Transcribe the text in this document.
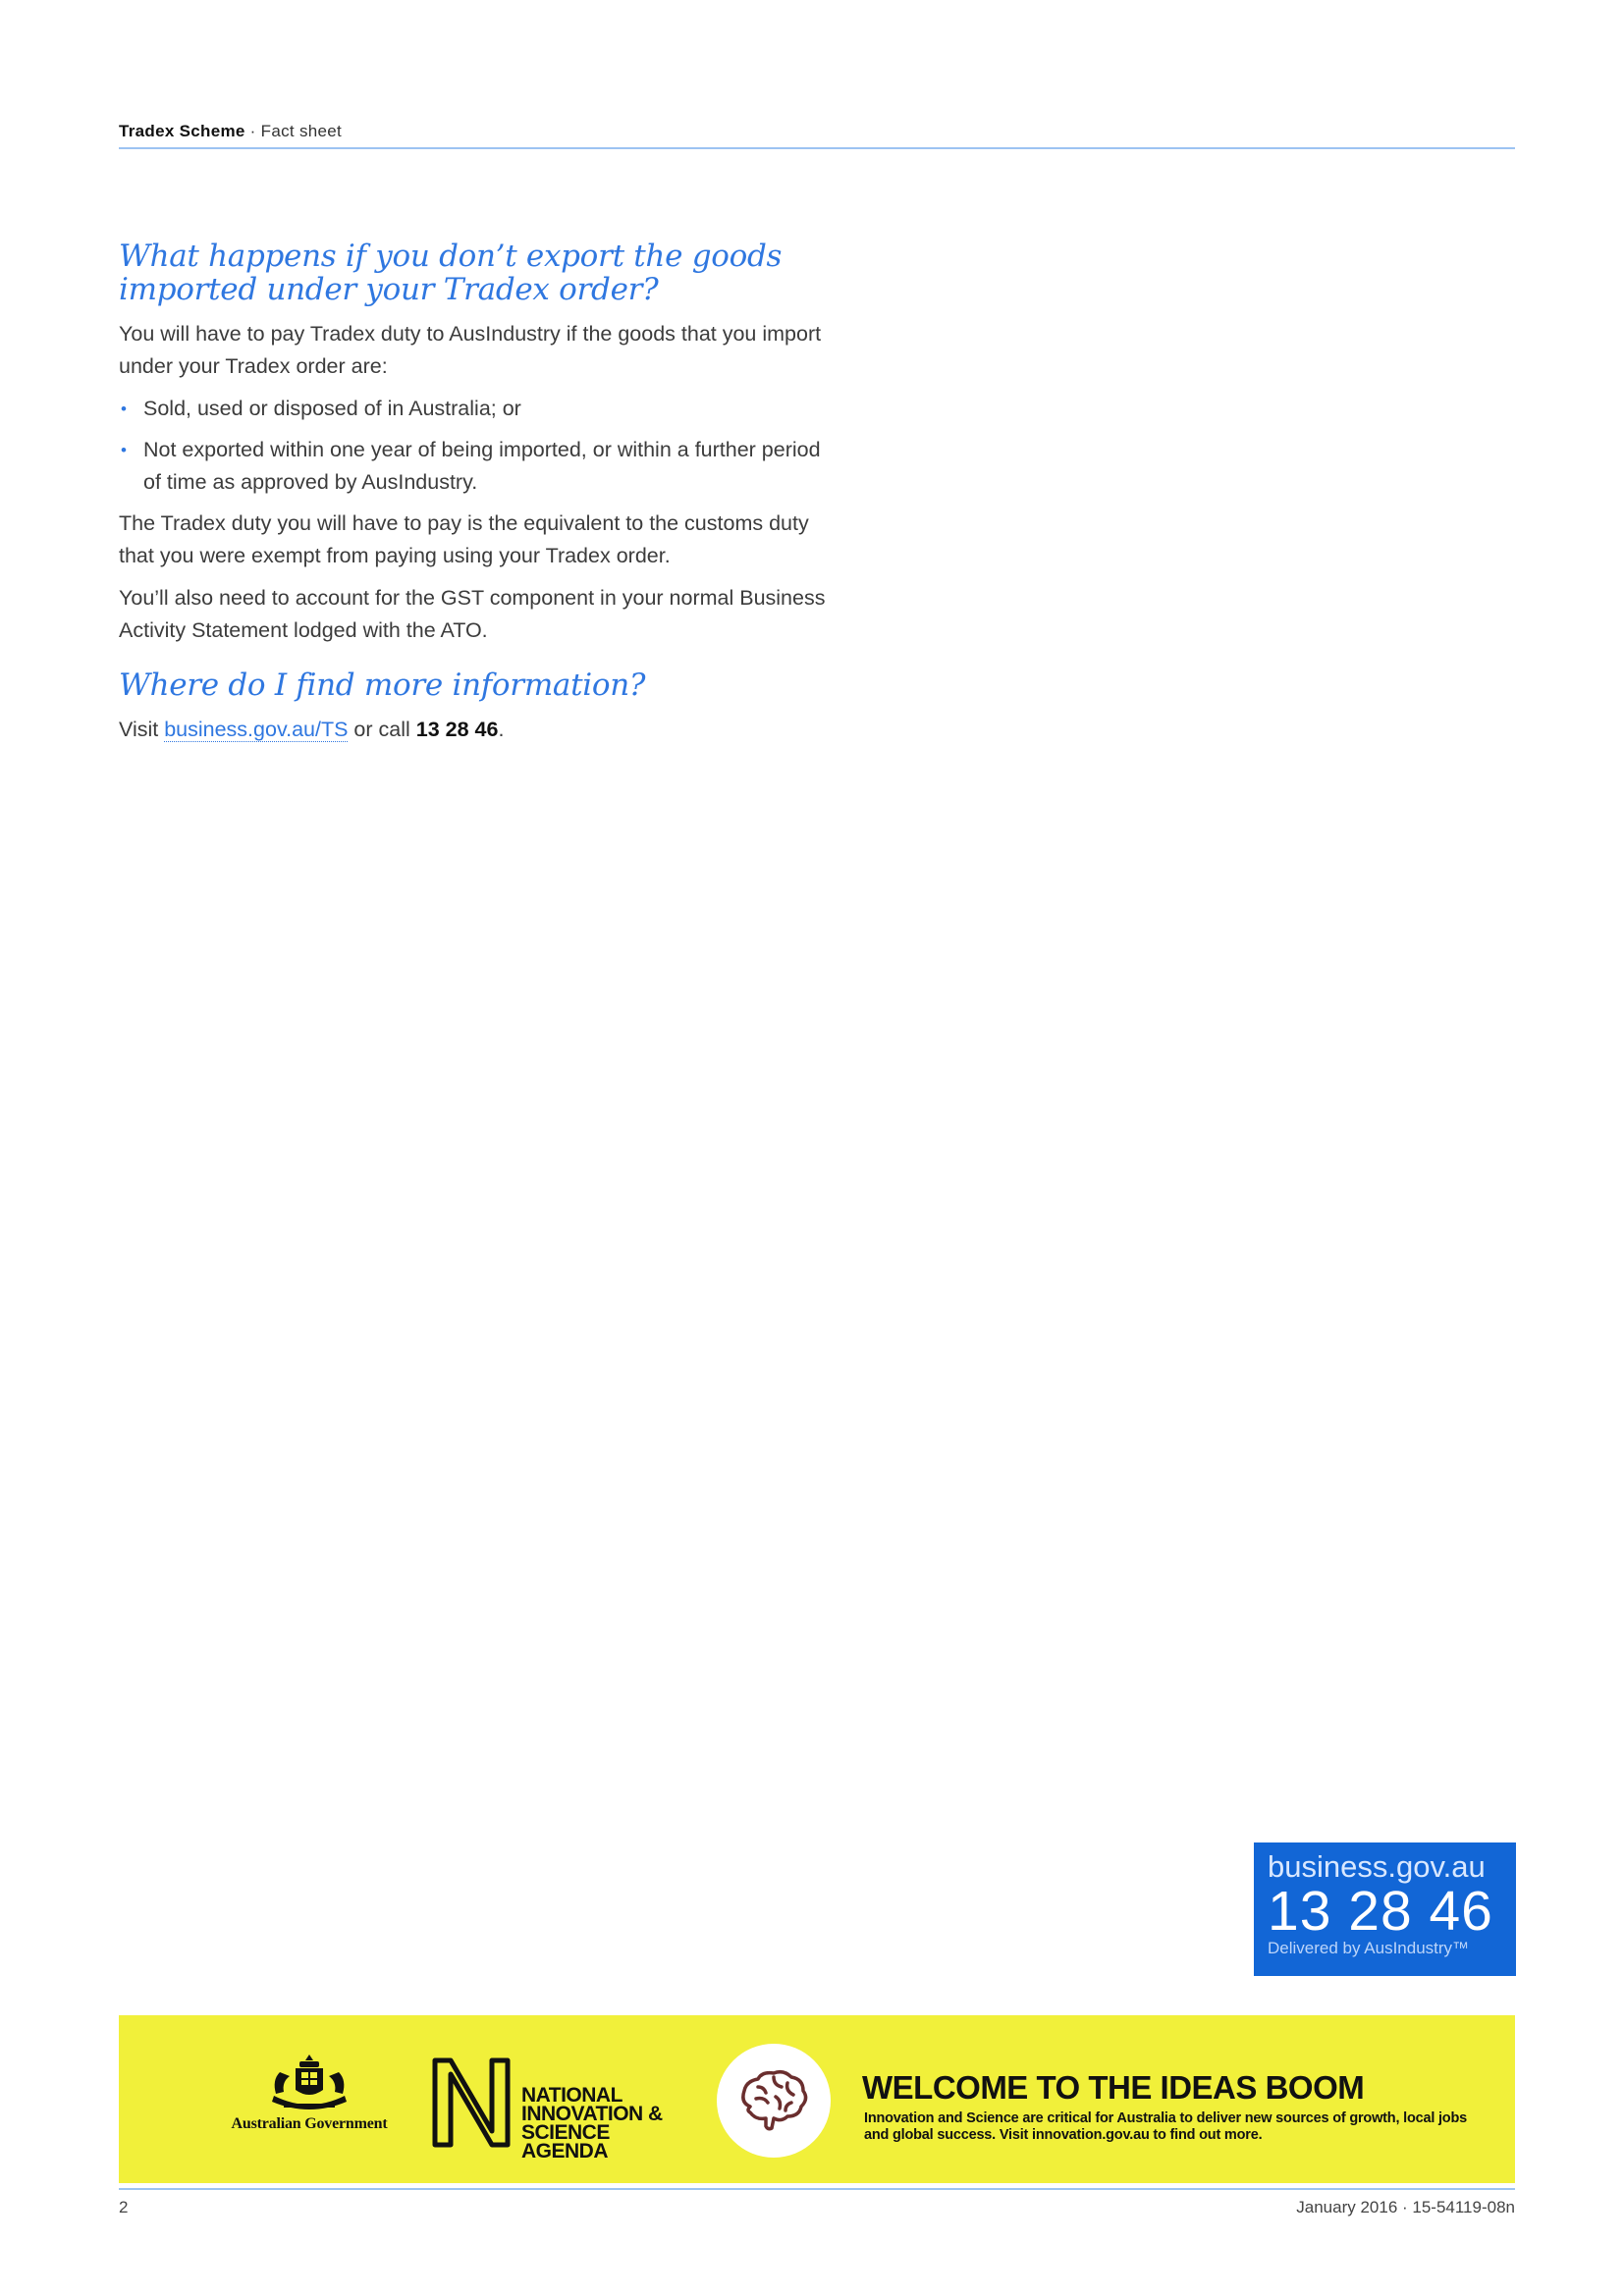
Tradex Scheme · Fact sheet
What happens if you don’t export the goods imported under your Tradex order?

You will have to pay Tradex duty to AusIndustry if the goods that you import under your Tradex order are:

• Sold, used or disposed of in Australia; or
• Not exported within one year of being imported, or within a further period of time as approved by AusIndustry.

The Tradex duty you will have to pay is the equivalent to the customs duty that you were exempt from paying using your Tradex order.

You’ll also need to account for the GST component in your normal Business Activity Statement lodged with the ATO.

Where do I find more information?

Visit business.gov.au/TS or call 13 28 46.

business.gov.au
13 28 46
Delivered by AusIndustry™
Australian Government
NATIONAL
INNOVATION &
SCIENCE AGENDA
WELCOME TO THE IDEAS BOOM
Innovation and Science are critical for Australia to deliver new sources of growth, local jobs and global success. Visit innovation.gov.au to find out more.
2	January 2016 · 15-54119-08n
